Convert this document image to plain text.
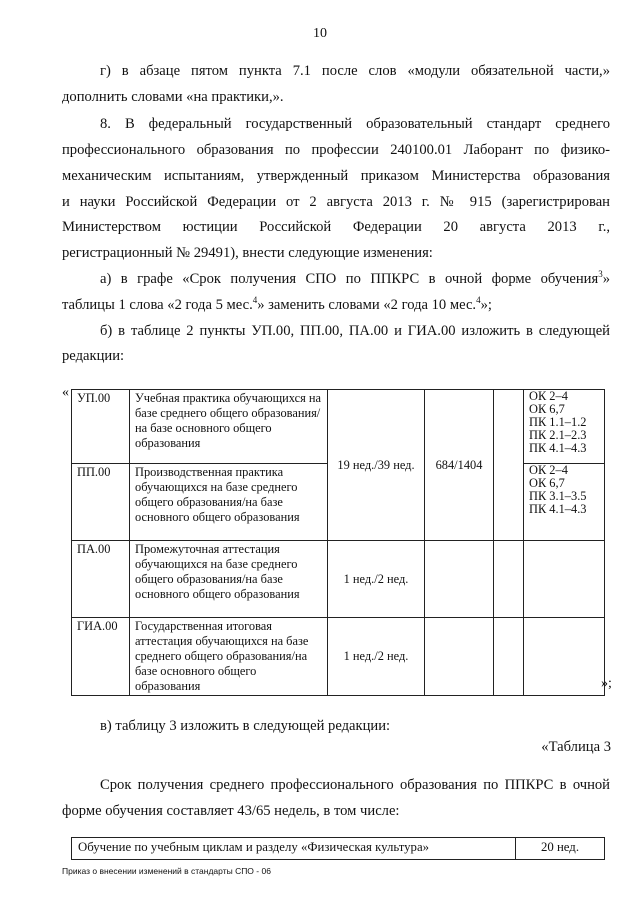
10
г) в абзаце пятом пункта 7.1 после слов «модули обязательной части,»
дополнить словами «на практики,».
8. В федеральный государственный образовательный стандарт среднего
профессионального образования по профессии 240100.01 Лаборант по физико-
механическим испытаниям, утвержденный приказом Министерства образования
и науки Российской Федерации от 2 августа 2013 г. № 915 (зарегистрирован
Министерством юстиции Российской Федерации 20 августа 2013 г.,
регистрационный № 29491), внести следующие изменения:
а) в графе «Срок получения СПО по ППКРС в очной форме обучения$^3$»
таблицы 1 слова «2 года 5 мес.$^4$» заменить словами «2 года 10 мес.$^4$»;
б) в таблице 2 пункты УП.00, ПП.00, ПА.00 и ГИА.00 изложить в следующей
редакции:
« УП.00	Учебная практика обучающихся на базе среднего общего образования/на базе основного общего образования	19 нед./39 нед.	684/1404		ОК 2–4
ОК 6,7
ПК 1.1–1.2
ПК 2.1–2.3
ПК 4.1–4.3

ПП.00	Производственная практика обучающихся на базе среднего общего образования/на базе основного общего образования				ОК 2–4
ОК 6,7
ПК 3.1–3.5
ПК 4.1–4.3

ПА.00	Промежуточная аттестация обучающихся на базе среднего общего образования/на базе основного общего образования	1 нед./2 нед.			
ГИА.00	Государственная итоговая аттестация обучающихся на базе среднего общего образования/на базе основного общего образования	1 нед./2 нед.			
»;
в) таблицу 3 изложить в следующей редакции:
«Таблица 3
Срок получения среднего профессионального образования по ППКРС в очной
форме обучения составляет 43/65 недель, в том числе:
Обучение по учебным циклам и разделу «Физическая культура»	20 нед.
Приказ о внесении изменений в стандарты СПО - 06
